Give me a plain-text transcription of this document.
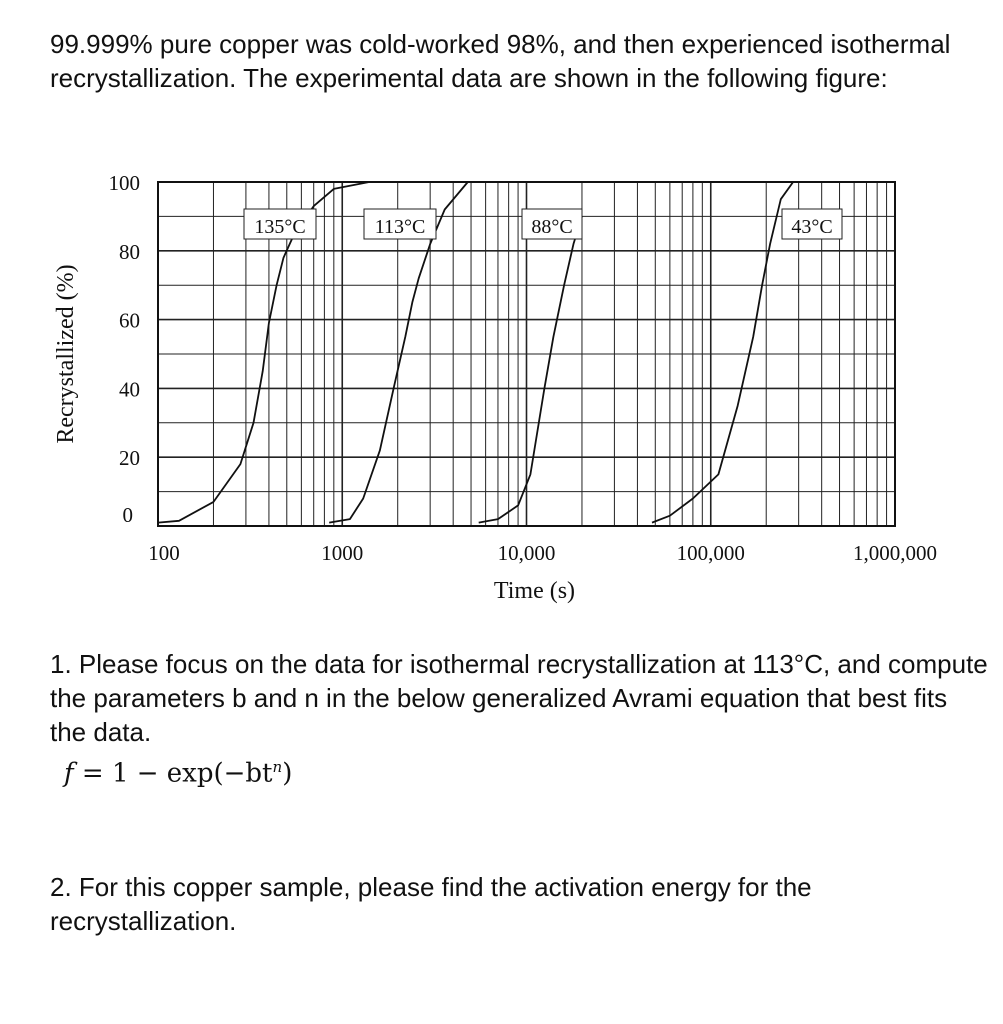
99.999% pure copper was cold-worked 98%, and then experienced isothermal recrystallization. The experimental data are shown in the following figure:

135°C	113°C	88°C	43°C
100	1000	10,000	100,000	1,000,000
0
20
40
60
80
100
Time (s)
Recrystallized (%)

1. Please focus on the data for isothermal recrystallization at 113°C, and compute the parameters b and n in the below generalized Avrami equation that best fits the data.

$f = 1 - \exp(-bt^n)$

2. For this copper sample, please find the activation energy for the recrystallization.
